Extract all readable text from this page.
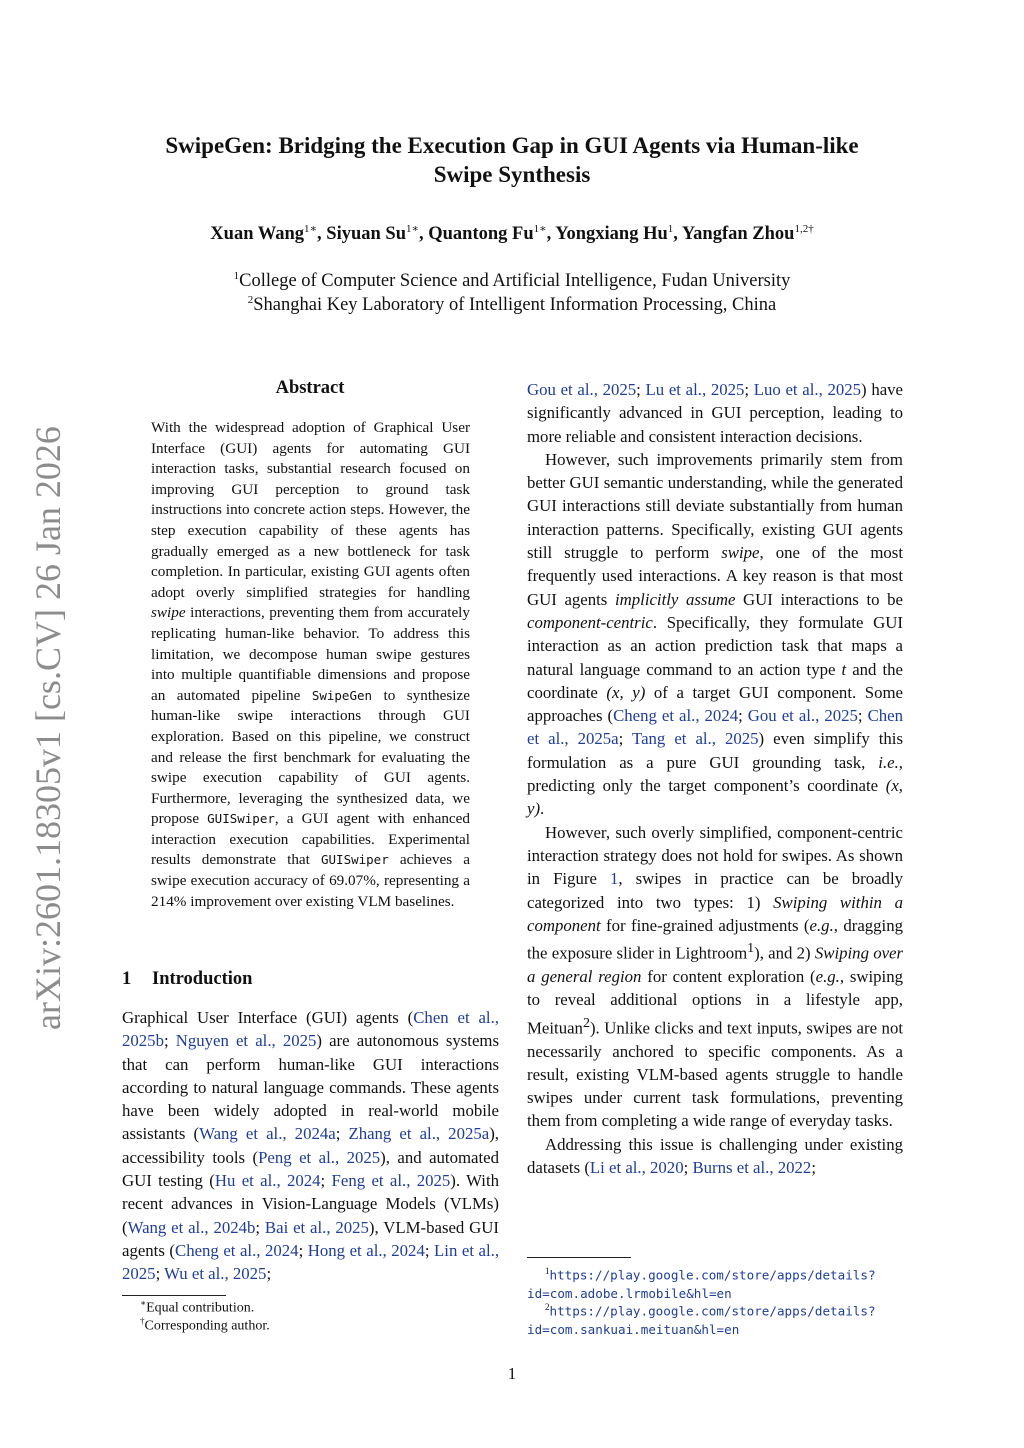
SwipeGen: Bridging the Execution Gap in GUI Agents via Human-like
Swipe Synthesis
Xuan Wang$^{1∗}$, Siyuan $Su^{1∗}$, Quantong $Fu^{1∗}$, Yongxiang Hu$^1$, Yangfan Zhou$^{1,2\dagger}$
$^1$College of Computer Science and Artificial Intelligence, Fudan University
$^2$Shanghai Key Laboratory of Intelligent Information Processing, China
arXiv:2601.18305v1 [cs.CV] 26 Jan 2026
Abstract
With the widespread adoption of Graphical User Interface (GUI) agents for automating GUI interaction tasks, substantial research focused on improving GUI perception to ground task instructions into concrete action steps. However, the step execution capability of these agents has gradually emerged as a new bottleneck for task completion. In particular, existing GUI agents often adopt overly simplified strategies for handling swipe interactions, preventing them from accurately replicating human-like behavior. To address this limitation, we decompose human swipe gestures into multiple quantifiable dimensions and propose an automated pipeline SwipeGen to synthesize human-like swipe interactions through GUI exploration. Based on this pipeline, we construct and release the first benchmark for evaluating the swipe execution capability of GUI agents. Furthermore, leveraging the synthesized data, we propose GUISwiper, a GUI agent with enhanced interaction execution capabilities. Experimental results demonstrate that GUISwiper achieves a swipe execution accuracy of 69.07%, representing a 214% improvement over existing VLM baselines.
1 Introduction
Graphical User Interface (GUI) agents (Chen et al., 2025b; Nguyen et al., 2025) are autonomous systems that can perform human-like GUI interactions according to natural language commands. These agents have been widely adopted in real-world mobile assistants (Wang et al., 2024a; Zhang et al., 2025a), accessibility tools (Peng et al., 2025), and automated GUI testing (Hu et al., 2024; Feng et al., 2025). With recent advances in Vision-Language Models (VLMs) (Wang et al., 2024b; Bai et al., 2025), VLM-based GUI agents (Cheng et al., 2024; Hong et al., 2024; Lin et al., 2025; Wu et al., 2025;

Gou et al., 2025; Lu et al., 2025; Luo et al., 2025) have significantly advanced in GUI perception, leading to more reliable and consistent interaction decisions.

However, such improvements primarily stem from better GUI semantic understanding, while the generated GUI interactions still deviate substantially from human interaction patterns. Specifically, existing GUI agents still struggle to perform swipe, one of the most frequently used interactions. A key reason is that most GUI agents implicitly assume GUI interactions to be component-centric. Specifically, they formulate GUI interaction as an action prediction task that maps a natural language command to an action type t and the coordinate (x, y) of a target GUI component. Some approaches (Cheng et al., 2024; Gou et al., 2025; Chen et al., 2025a; Tang et al., 2025) even simplify this formulation as a pure GUI grounding task, i.e., predicting only the target component’s coordinate (x, y).

However, such overly simplified, component-centric interaction strategy does not hold for swipes. As shown in Figure 1, swipes in practice can be broadly categorized into two types: 1) Swiping within a component for fine-grained adjustments (e.g., dragging the exposure slider in Lightroom$^1$), and 2) Swiping over a general region for content exploration (e.g., swiping to reveal additional options in a lifestyle app, Meituan$^2$). Unlike clicks and text inputs, swipes are not necessarily anchored to specific components. As a result, existing VLM-based agents struggle to handle swipes under current task formulations, preventing them from completing a wide range of everyday tasks.

Addressing this issue is challenging under existing datasets (Li et al., 2020; Burns et al., 2022;

∗Equal contribution.
†Corresponding author.
$^1$https://play.google.com/store/apps/details?
id=com.adobe.lrmobile&hl=en
$^2$https://play.google.com/store/apps/details?
id=com.sankuai.meituan&hl=en
1
